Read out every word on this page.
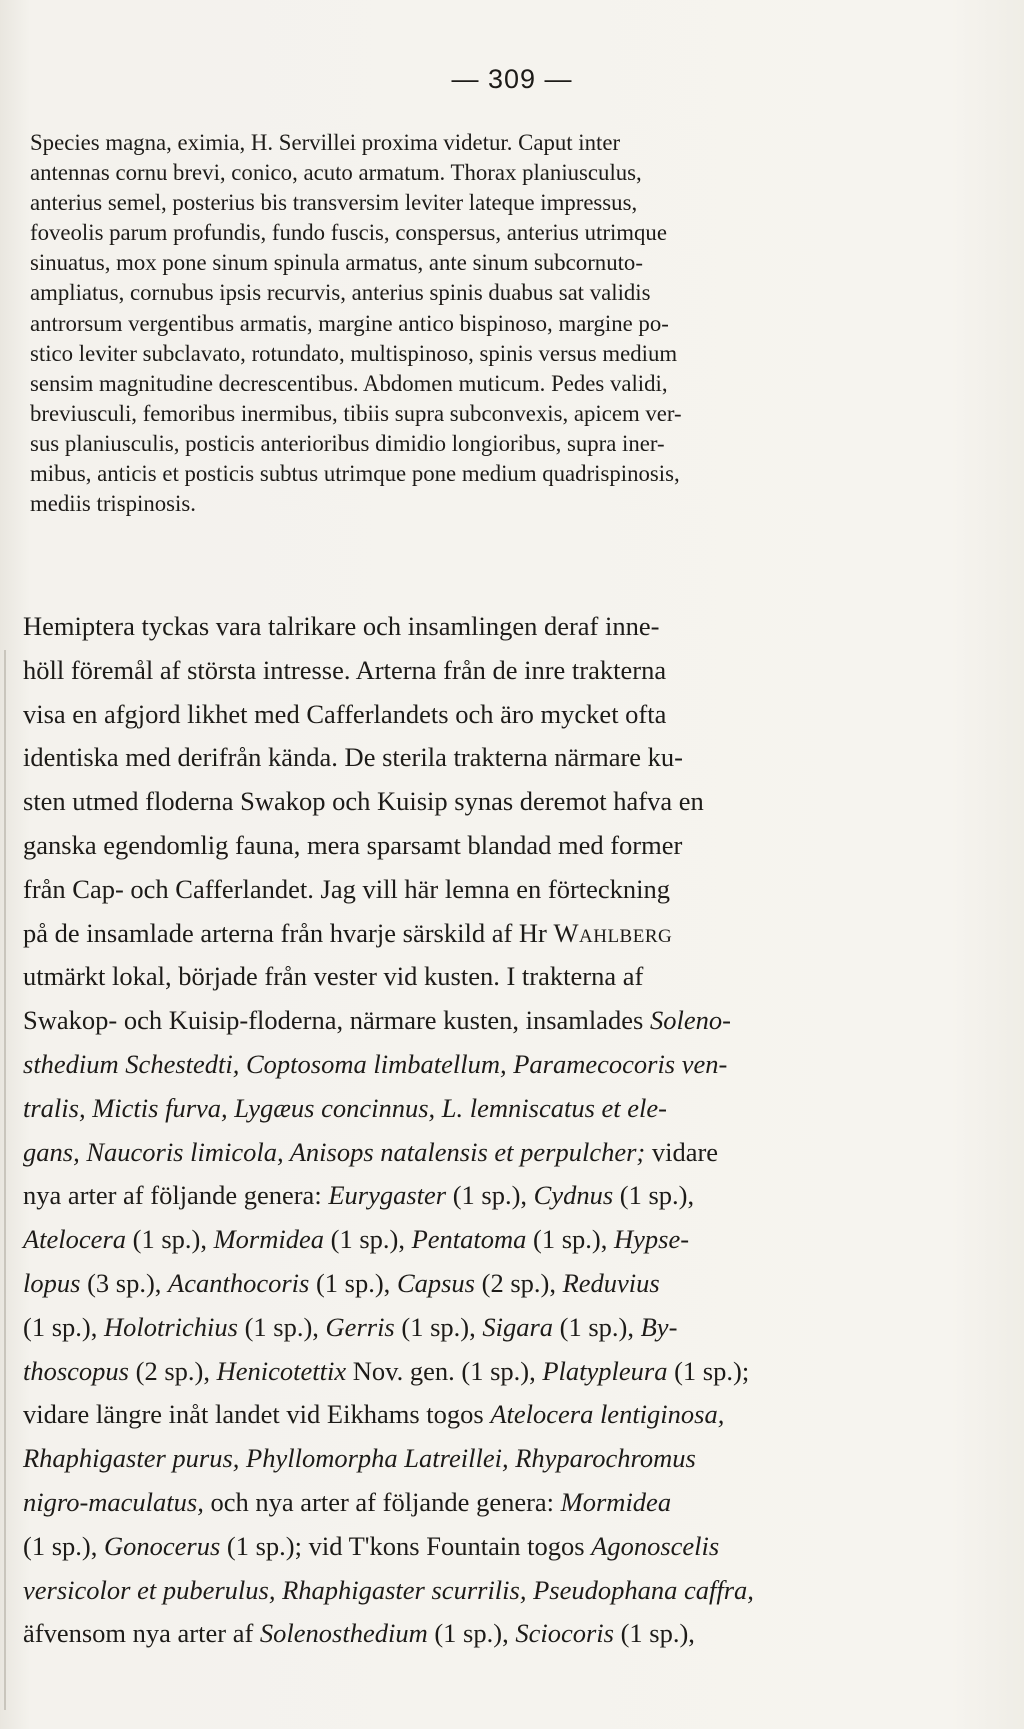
— 309 —
Species magna, eximia, H. Servillei proxima videtur. Caput inter
antennas cornu brevi, conico, acuto armatum. Thorax planiusculus,
anterius semel, posterius bis transversim leviter lateque impressus,
foveolis parum profundis, fundo fuscis, conspersus, anterius utrimque
sinuatus, mox pone sinum spinula armatus, ante sinum subcornuto-
ampliatus, cornubus ipsis recurvis, anterius spinis duabus sat validis
antrorsum vergentibus armatis, margine antico bispinoso, margine po-
stico leviter subclavato, rotundato, multispinoso, spinis versus medium
sensim magnitudine decrescentibus. Abdomen muticum. Pedes validi,
breviusculi, femoribus inermibus, tibiis supra subconvexis, apicem ver-
sus planiusculis, posticis anterioribus dimidio longioribus, supra iner-
mibus, anticis et posticis subtus utrimque pone medium quadrispinosis,
mediis trispinosis.
Hemiptera tyckas vara talrikare och insamlingen deraf inne-
höll föremål af största intresse. Arterna från de inre trakterna
visa en afgjord likhet med Cafferlandets och äro mycket ofta
identiska med derifrån kända. De sterila trakterna närmare ku-
sten utmed floderna Swakop och Kuisip synas deremot hafva en
ganska egendomlig fauna, mera sparsamt blandad med former
från Cap- och Cafferlandet. Jag vill här lemna en förteckning
på de insamlade arterna från hvarje särskild af Hr Wahlberg
utmärkt lokal, började från vester vid kusten. I trakterna af
Swakop- och Kuisip-floderna, närmare kusten, insamlades Soleno-
sthedium Schestedti, Coptosoma limbatellum, Paramecocoris ven-
tralis, Mictis furva, Lygæus concinnus, L. lemniscatus et ele-
gans, Naucoris limicola, Anisops natalensis et perpulcher; vidare
nya arter af följande genera: Eurygaster (1 sp.), Cydnus (1 sp.),
Atelocera (1 sp.), Mormidea (1 sp.), Pentatoma (1 sp.), Hypse-
lopus (3 sp.), Acanthocoris (1 sp.), Capsus (2 sp.), Reduvius
(1 sp.), Holotrichius (1 sp.), Gerris (1 sp.), Sigara (1 sp.), By-
thoscopus (2 sp.), Henicotettix Nov. gen. (1 sp.), Platypleura (1 sp.);
vidare längre inåt landet vid Eikhams togos Atelocera lentiginosa,
Rhaphigaster purus, Phyllomorpha Latreillei, Rhyparochromus
nigro-maculatus, och nya arter af följande genera: Mormidea
(1 sp.), Gonocerus (1 sp.); vid T'kons Fountain togos Agonoscelis
versicolor et puberulus, Rhaphigaster scurrilis, Pseudophana caffra,
äfvensom nya arter af Solenosthedium (1 sp.), Sciocoris (1 sp.),
